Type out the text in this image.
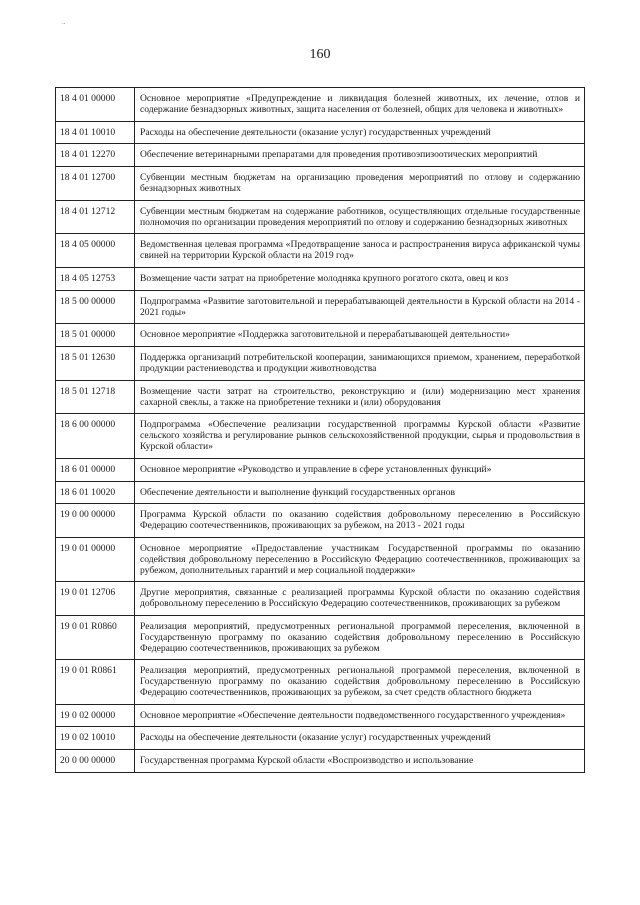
..
160
18 4 01 00000	Основное мероприятие «Предупреждение и ликвидация болезней животных, их лечение, отлов и содержание безнадзорных животных, защита населения от болезней, общих для человека и животных»
18 4 01 10010	Расходы на обеспечение деятельности (оказание услуг) государственных учреждений
18 4 01 12270	Обеспечение ветеринарными препаратами для проведения противоэпизоотических мероприятий
18 4 01 12700	Субвенции местным бюджетам на организацию проведения мероприятий по отлову и содержанию безнадзорных животных
18 4 01 12712	Субвенции местным бюджетам на содержание работников, осуществляющих отдельные государственные полномочия по организации проведения мероприятий по отлову и содержанию безнадзорных животных
18 4 05 00000	Ведомственная целевая программа «Предотвращение заноса и распространения вируса африканской чумы свиней на территории Курской области на 2019 год»
18 4 05 12753	Возмещение части затрат на приобретение молодняка крупного рогатого скота, овец и коз
18 5 00 00000	Подпрограмма «Развитие заготовительной и перерабатывающей деятельности в Курской области на 2014 - 2021 годы»
18 5 01 00000	Основное мероприятие «Поддержка заготовительной и перерабатывающей деятельности»
18 5 01 12630	Поддержка организаций потребительской кооперации, занимающихся приемом, хранением, переработкой продукции растениеводства и продукции животноводства
18 5 01 12718	Возмещение части затрат на строительство, реконструкцию и (или) модернизацию мест хранения сахарной свеклы, а также на приобретение техники и (или) оборудования
18 6 00 00000	Подпрограмма «Обеспечение реализации государственной программы Курской области «Развитие сельского хозяйства и регулирование рынков сельскохозяйственной продукции, сырья и продовольствия в Курской области»
18 6 01 00000	Основное мероприятие «Руководство и управление в сфере установленных функций»
18 6 01 10020	Обеспечение деятельности и выполнение функций государственных органов
19 0 00 00000	Программа Курской области по оказанию содействия добровольному переселению в Российскую Федерацию соотечественников, проживающих за рубежом, на 2013 - 2021 годы
19 0 01 00000	Основное мероприятие «Предоставление участникам Государственной программы по оказанию содействия добровольному переселению в Российскую Федерацию соотечественников, проживающих за рубежом, дополнительных гарантий и мер социальной поддержки»
19 0 01 12706	Другие мероприятия, связанные с реализацией программы Курской области по оказанию содействия добровольному переселению в Российскую Федерацию соотечественников, проживающих за рубежом
19 0 01 R0860	Реализация мероприятий, предусмотренных региональной программой переселения, включенной в Государственную программу по оказанию содействия добровольному переселению в Российскую Федерацию соотечественников, проживающих за рубежом
19 0 01 R0861	Реализация мероприятий, предусмотренных региональной программой переселения, включенной в Государственную программу по оказанию содействия добровольному переселению в Российскую Федерацию соотечественников, проживающих за рубежом, за счет средств областного бюджета
19 0 02 00000	Основное мероприятие «Обеспечение деятельности подведомственного государственного учреждения»
19 0 02 10010	Расходы на обеспечение деятельности (оказание услуг) государственных учреждений
20 0 00 00000	Государственная программа Курской области «Воспроизводство и использование
